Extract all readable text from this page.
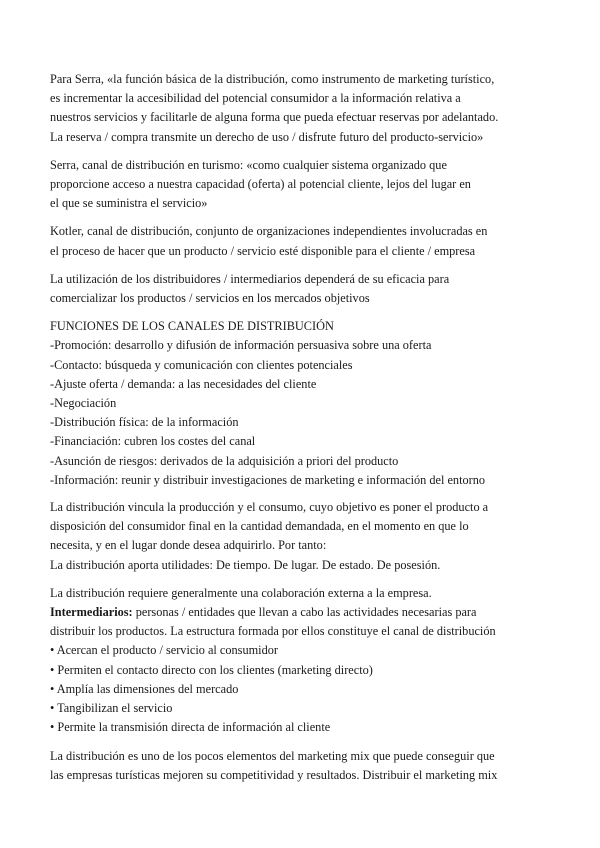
Para Serra, «la función básica de la distribución, como instrumento de marketing turístico,
es incrementar la accesibilidad del potencial consumidor a la información relativa a
nuestros servicios y facilitarle de alguna forma que pueda efectuar reservas por adelantado.
La reserva / compra transmite un derecho de uso / disfrute futuro del producto-servicio»

Serra, canal de distribución en turismo: «como cualquier sistema organizado que
proporcione acceso a nuestra capacidad (oferta) al potencial cliente, lejos del lugar en
el que se suministra el servicio»

Kotler, canal de distribución, conjunto de organizaciones independientes involucradas en
el proceso de hacer que un producto / servicio esté disponible para el cliente / empresa

La utilización de los distribuidores / intermediarios dependerá de su eficacia para
comercializar los productos / servicios en los mercados objetivos

FUNCIONES DE LOS CANALES DE DISTRIBUCIÓN
-Promoción: desarrollo y difusión de información persuasiva sobre una oferta
-Contacto: búsqueda y comunicación con clientes potenciales
-Ajuste oferta / demanda: a las necesidades del cliente
-Negociación
-Distribución física: de la información
-Financiación: cubren los costes del canal
-Asunción de riesgos: derivados de la adquisición a priori del producto
-Información: reunir y distribuir investigaciones de marketing e información del entorno

La distribución vincula la producción y el consumo, cuyo objetivo es poner el producto a
disposición del consumidor final en la cantidad demandada, en el momento en que lo
necesita, y en el lugar donde desea adquirirlo. Por tanto:
La distribución aporta utilidades: De tiempo. De lugar. De estado. De posesión.

La distribución requiere generalmente una colaboración externa a la empresa.
Intermediarios: personas / entidades que llevan a cabo las actividades necesarias para
distribuir los productos. La estructura formada por ellos constituye el canal de distribución
• Acercan el producto / servicio al consumidor
• Permiten el contacto directo con los clientes (marketing directo)
• Amplía las dimensiones del mercado
• Tangibilizan el servicio
• Permite la transmisión directa de información al cliente

La distribución es uno de los pocos elementos del marketing mix que puede conseguir que
las empresas turísticas mejoren su competitividad y resultados. Distribuir el marketing mix
